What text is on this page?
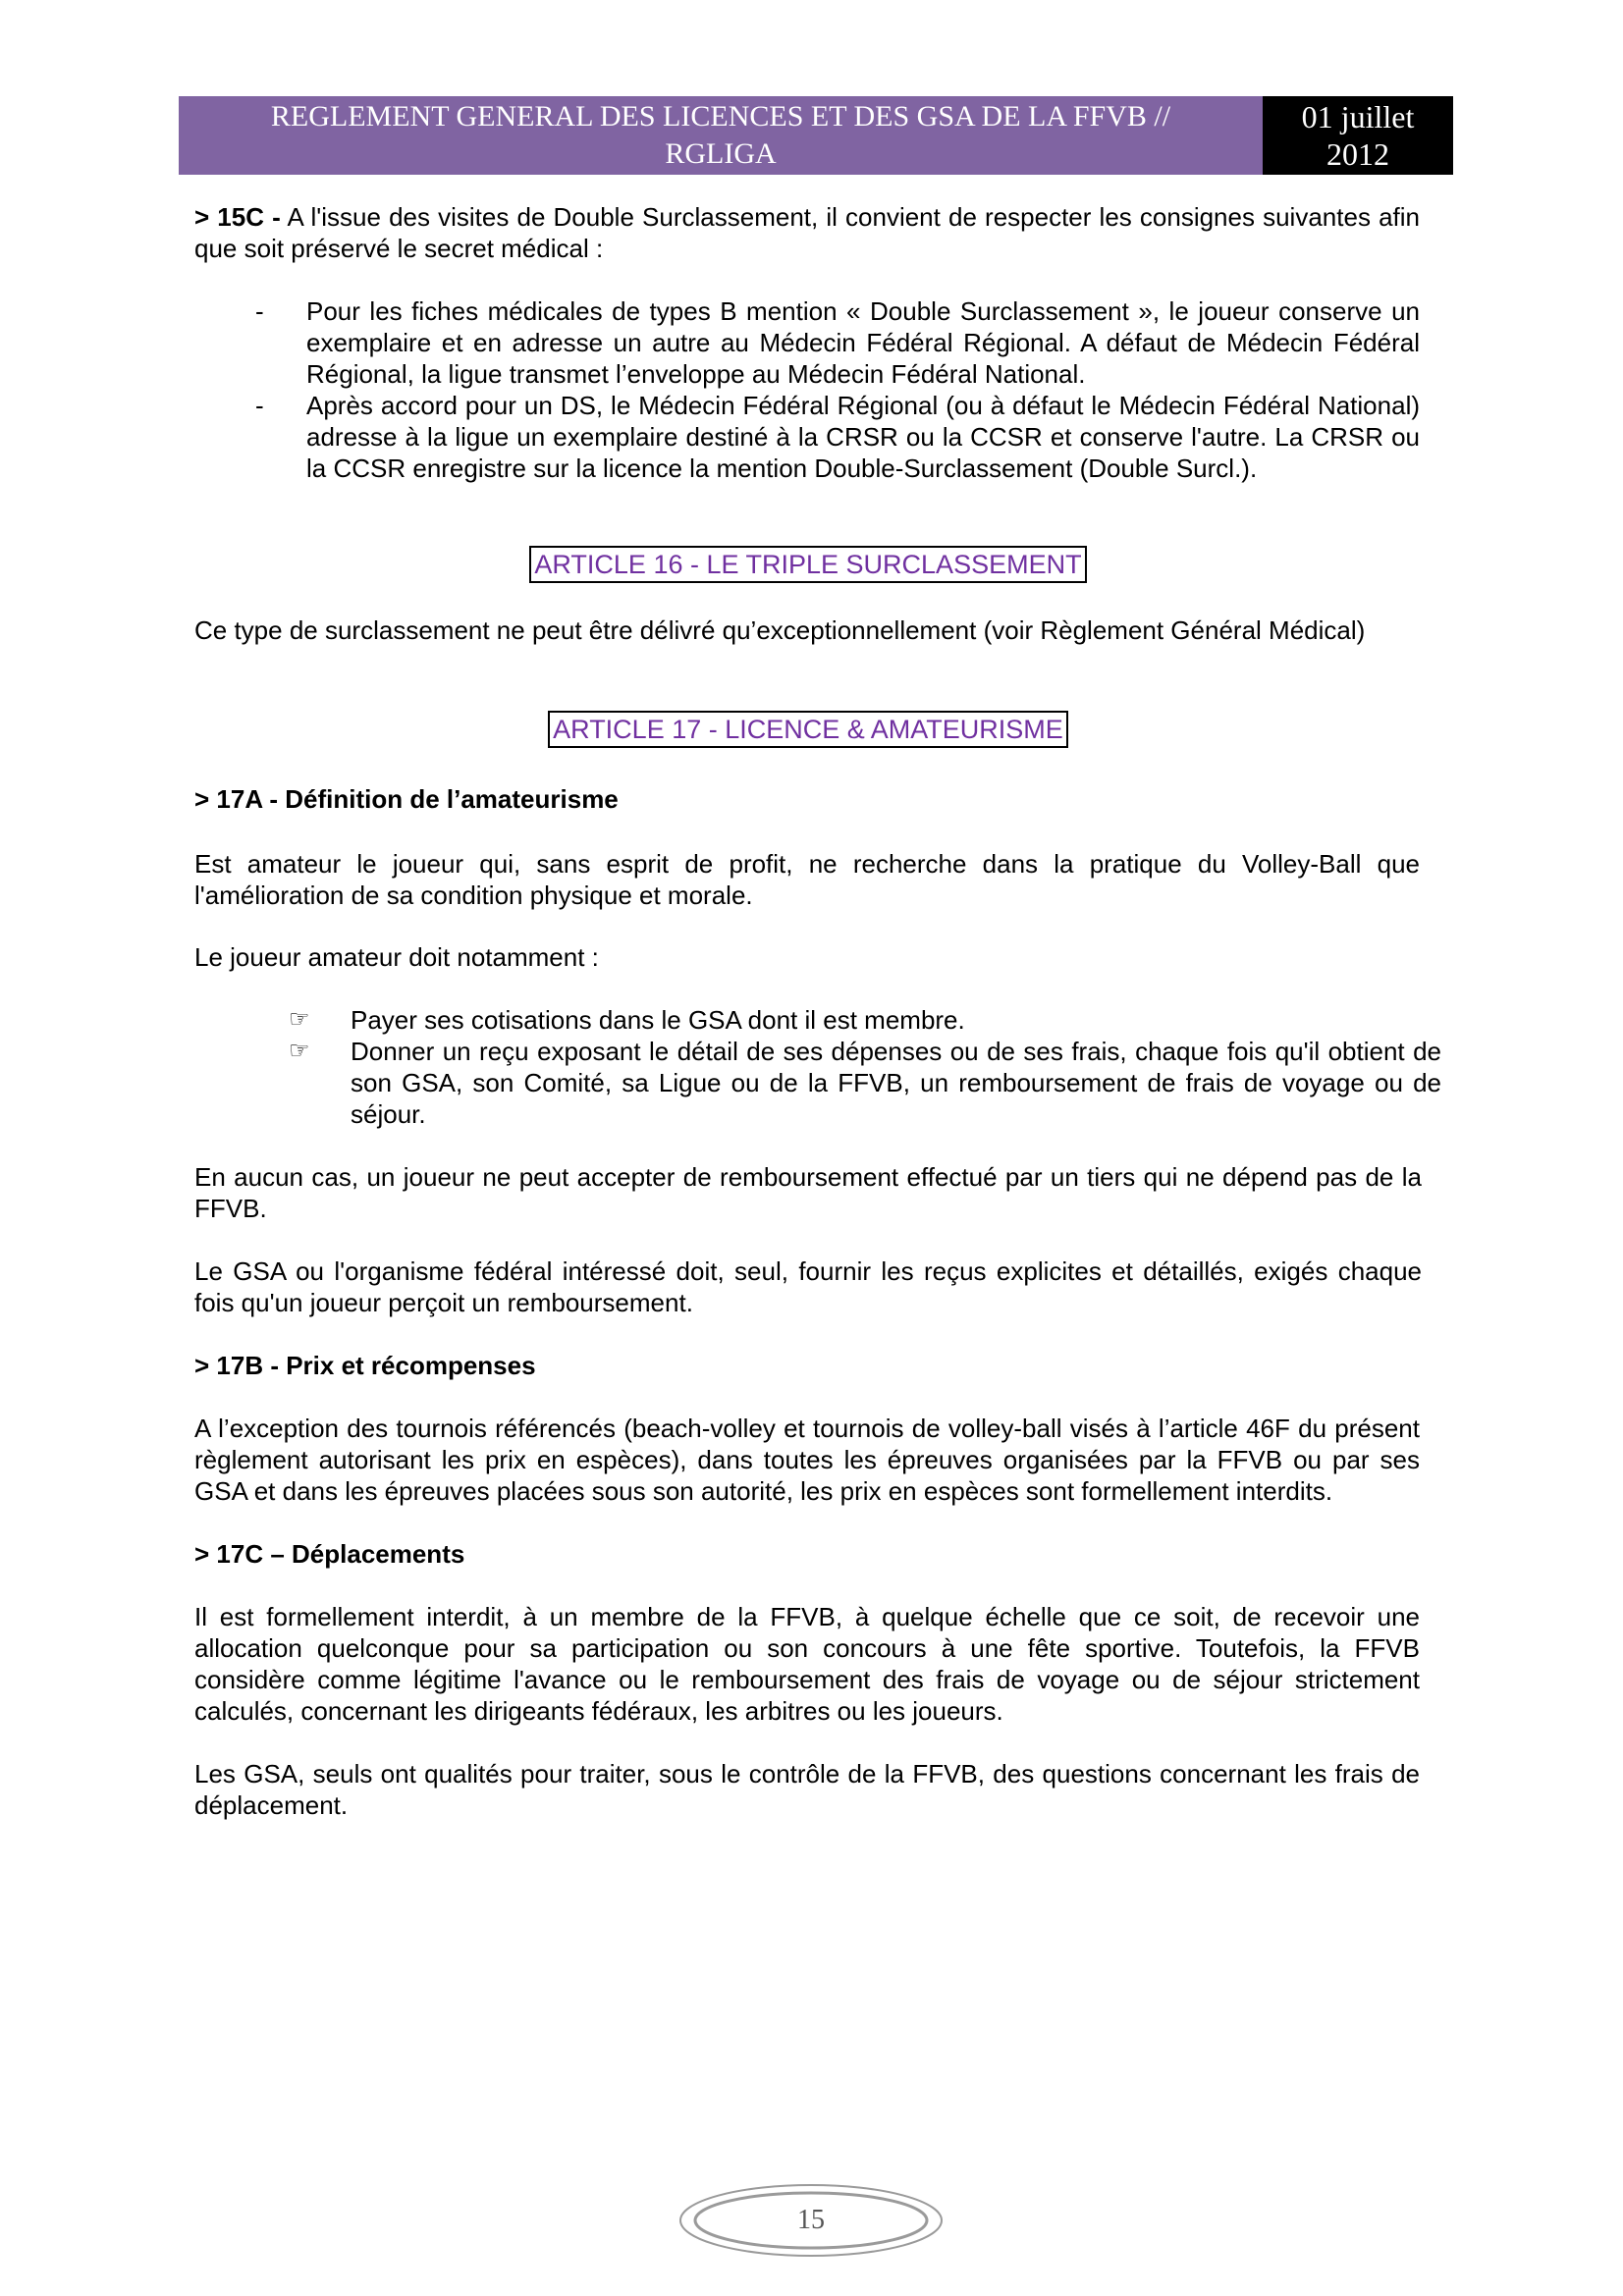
REGLEMENT GENERAL DES LICENCES ET DES GSA DE LA FFVB //
RGLIGA
01 juillet
2012

> 15C - A l'issue des visites de Double Surclassement, il convient de respecter les consignes suivantes afin que soit préservé le secret médical :

- Pour les fiches médicales de types B mention « Double Surclassement », le joueur conserve un exemplaire et en adresse un autre au Médecin Fédéral Régional. A défaut de Médecin Fédéral Régional, la ligue transmet l’enveloppe au Médecin Fédéral National.
- Après accord pour un DS, le Médecin Fédéral Régional (ou à défaut le Médecin Fédéral National) adresse à la ligue un exemplaire destiné à la CRSR ou la CCSR et conserve l'autre. La CRSR ou la CCSR enregistre sur la licence la mention Double-Surclassement (Double Surcl.).
ARTICLE 16 - LE TRIPLE SURCLASSEMENT

Ce type de surclassement ne peut être délivré qu’exceptionnellement (voir Règlement Général Médical)

ARTICLE 17 - LICENCE & AMATEURISME

> 17A - Définition de l’amateurisme

Est amateur le joueur qui, sans esprit de profit, ne recherche dans la pratique du Volley-Ball que l'amélioration de sa condition physique et morale.

Le joueur amateur doit notamment :

☞ Payer ses cotisations dans le GSA dont il est membre.
☞ Donner un reçu exposant le détail de ses dépenses ou de ses frais, chaque fois qu'il obtient de son GSA, son Comité, sa Ligue ou de la FFVB, un remboursement de frais de voyage ou de séjour.

En aucun cas, un joueur ne peut accepter de remboursement effectué par un tiers qui ne dépend pas de la FFVB.

Le GSA ou l'organisme fédéral intéressé doit, seul, fournir les reçus explicites et détaillés, exigés chaque fois qu'un joueur perçoit un remboursement.

> 17B - Prix et récompenses

A l’exception des tournois référencés (beach-volley et tournois de volley-ball visés à l’article 46F du présent règlement autorisant les prix en espèces), dans toutes les épreuves organisées par la FFVB ou par ses GSA et dans les épreuves placées sous son autorité, les prix en espèces sont formellement interdits.

> 17C – Déplacements

Il est formellement interdit, à un membre de la FFVB, à quelque échelle que ce soit, de recevoir une allocation quelconque pour sa participation ou son concours à une fête sportive. Toutefois, la FFVB considère comme légitime l'avance ou le remboursement des frais de voyage ou de séjour strictement calculés, concernant les dirigeants fédéraux, les arbitres ou les joueurs.

Les GSA, seuls ont qualités pour traiter, sous le contrôle de la FFVB, des questions concernant les frais de déplacement.

15
